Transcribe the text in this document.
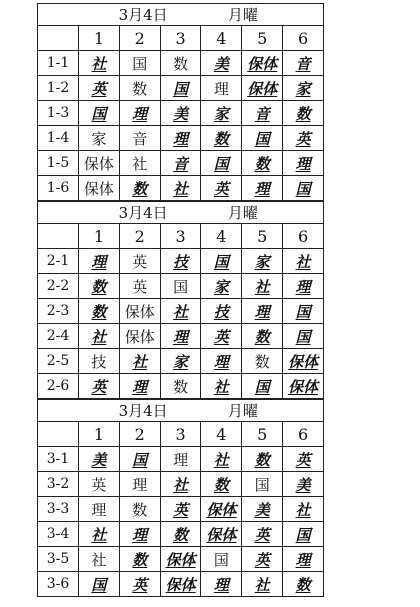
3月4日 月曜						
	1	2	3	4	5	6
1-1	社	国	数	美	保体	音
1-2	英	数	国	理	保体	家
1-3	国	理	美	家	音	数
1-4	家	音	理	数	国	英
1-5	保体	社	音	国	数	理
1-6	保体	数	社	英	理	国
3月4日 月曜						
	1	2	3	4	5	6
2-1	理	英	技	国	家	社
2-2	数	英	国	家	社	理
2-3	数	保体	社	技	理	国
2-4	社	保体	理	英	数	国
2-5	技	社	家	理	数	保体
2-6	英	理	数	社	国	保体
3月4日 月曜						
	1	2	3	4	5	6
3-1	美	国	理	社	数	英
3-2	英	理	社	数	国	美
3-3	理	数	英	保体	美	社
3-4	社	理	数	保体	英	国
3-5	社	数	保体	国	英	理
3-6	国	英	保体	理	社	数
